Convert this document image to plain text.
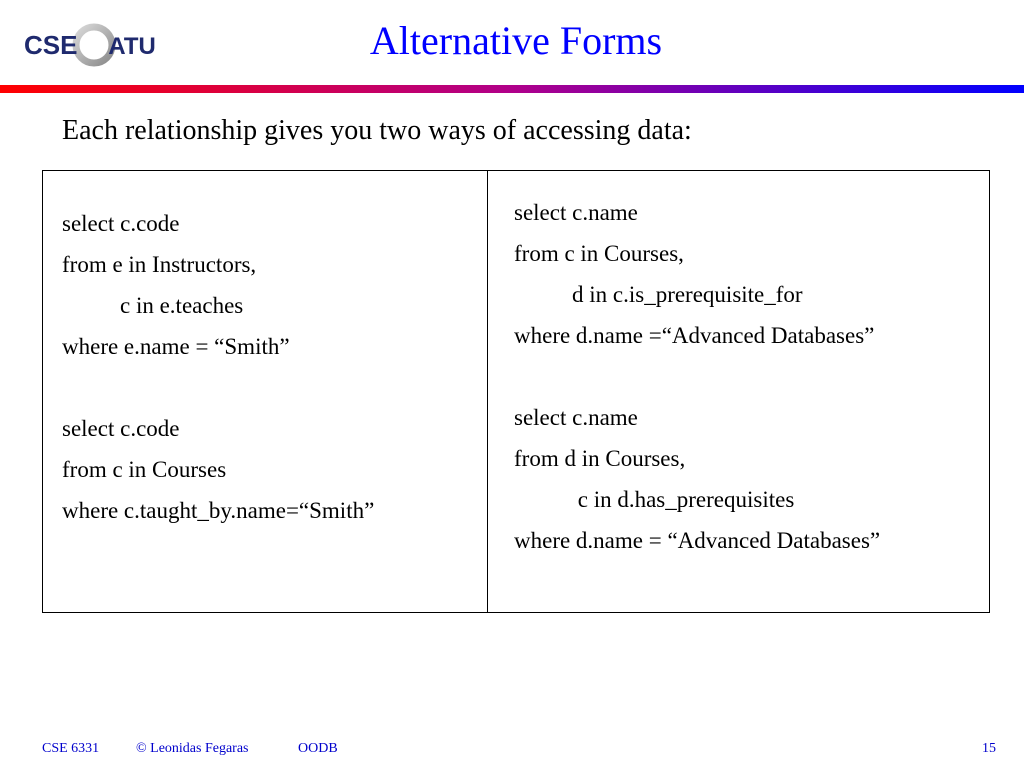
CSE UTA	Alternative Forms

Each relationship gives you two ways of accessing data:

select c.code
from e in Instructors,
c in e.teaches
where e.name = “Smith”
select c.code
from c in Courses
where c.taught_by.name=“Smith”
select c.name
from c in Courses,
d in c.is_prerequisite_for
where d.name =“Advanced Databases”
select c.name
from d in Courses,
c in d.has_prerequisites
where d.name = “Advanced Databases”
CSE 6331	© Leonidas Fegaras	OODB	15
